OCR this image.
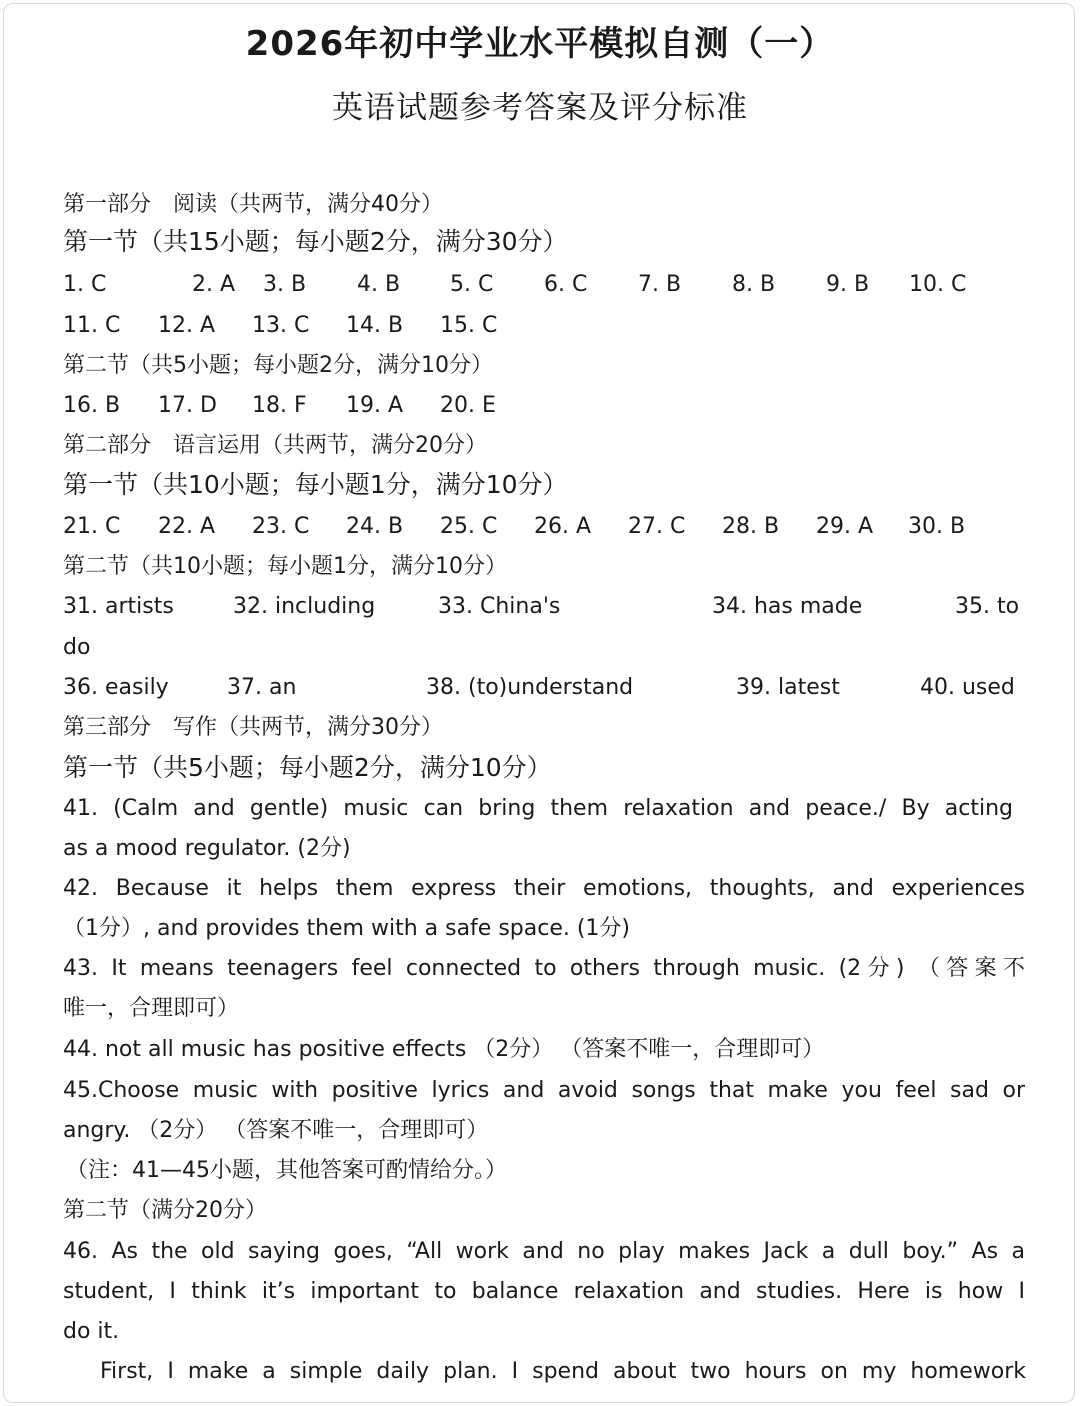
2026年初中学业水平模拟自测（一）
英语试题参考答案及评分标准
第一部分　阅读（共两节，满分40分）
第一节（共15小题；每小题2分，满分30分）
1. C	2. A 3. B 4. B 5. C 6. C 7. B 8. B 9. B 10. C
11. C 12. A 13. C 14. B 15. C
第二节（共5小题；每小题2分，满分10分）
16. B 17. D 18. F 19. A 20. E
第二部分　语言运用（共两节，满分20分）
第一节（共10小题；每小题1分，满分10分）
21. C 22. A 23. C 24. B 25. C 26. A 27. C 28. B 29. A 30. B
第二节（共10小题；每小题1分，满分10分）
31. artists	32. including	33. China's	34. has made	35. to
do
36. easily	37. an	38. (to)understand	39. latest	40. used
第三部分　写作（共两节，满分30分）
第一节（共5小题；每小题2分，满分10分）
41. (Calm and gentle) music can bring them relaxation and peace./ By acting
as a mood regulator. (2分)
42. Because it helps them express their emotions, thoughts, and experiences
（1分）, and provides them with a safe space. (1分)
43. It means teenagers feel connected to others through music. (2分) （答案不
唯一，合理即可）
44. not all music has positive effects （2分） （答案不唯一，合理即可）
45.Choose music with positive lyrics and avoid songs that make you feel sad or
angry. （2分） （答案不唯一，合理即可）
（注：41—45小题，其他答案可酌情给分。）
第二节（满分20分）
46. As the old saying goes, “All work and no play makes Jack a dull boy.” As a
student, I think it’s important to balance relaxation and studies. Here is how I
do it.
First, I make a simple daily plan. I spend about two hours on my homework
